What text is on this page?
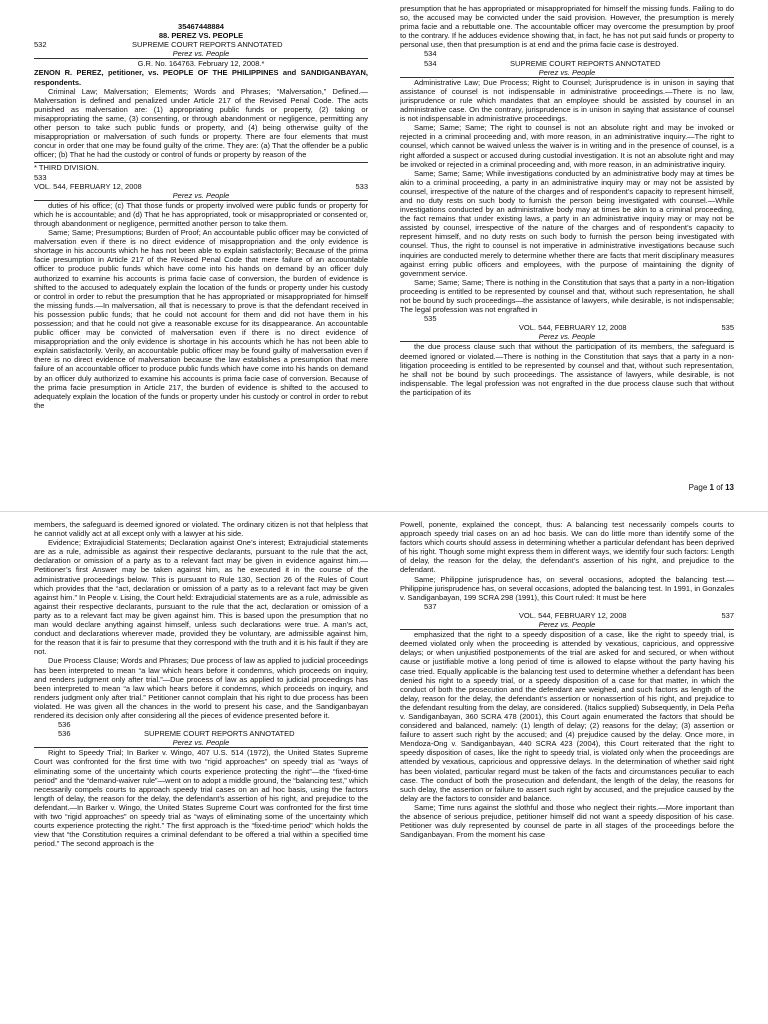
35467448884

88. PEREZ VS. PEOPLE

532	SUPREME COURT REPORTS ANNOTATED

Perez vs. People

G.R. No. 164763. February 12, 2008.*

ZENON R. PEREZ, petitioner, vs. PEOPLE OF THE PHILIPPINES and SANDIGANBAYAN, respondents.

Criminal Law; Malversation; Elements; Words and Phrases; “Malversation,” Defined.—Malversation is defined and penalized under Article 217 of the Revised Penal Code. The acts punished as malversation are: (1) appropriating public funds or property, (2) taking or misappropriating the same, (3) consenting, or through abandonment or negligence, permitting any other person to take such public funds or property, and (4) being otherwise guilty of the misappropriation or malversation of such funds or property. There are four elements that must concur in order that one may be found guilty of the crime. They are: (a) That the offender be a public officer; (b) That he had the custody or control of funds or property by reason of the

* THIRD DIVISION.

533

VOL. 544, FEBRUARY 12, 2008	533

Perez vs. People

duties of his office; (c) That those funds or property involved were public funds or property for which he is accountable; and (d) That he has appropriated, took or misappropriated or consented or, through abandonment or negligence, permitted another person to take them.

Same; Same; Presumptions; Burden of Proof; An accountable public officer may be convicted of malversation even if there is no direct evidence of misappropriation and the only evidence is shortage in his accounts which he has not been able to explain satisfactorily; Because of the prima facie presumption in Article 217 of the Revised Penal Code that mere failure of an accountable officer to produce public funds which have come into his hands on demand by an officer duly authorized to examine his accounts is prima facie case of conversion, the burden of evidence is shifted to the accused to adequately explain the location of the funds or property under his custody or control in order to rebut the presumption that he has appropriated or misappropriated for himself the missing funds.—In malversation, all that is necessary to prove is that the defendant received in his possession public funds; that he could not account for them and did not have them in his possession; and that he could not give a reasonable excuse for its disappearance. An accountable public officer may be convicted of malversation even if there is no direct evidence of misappropriation and the only evidence is shortage in his accounts which he has not been able to explain satisfactorily. Verily, an accountable public officer may be found guilty of malversation even if there is no direct evidence of malversation because the law establishes a presumption that mere failure of an accountable officer to produce public funds which have come into his hands on demand by an officer duly authorized to examine his accounts is prima facie case of conversion. Because of the prima facie presumption in Article 217, the burden of evidence is shifted to the accused to adequately explain the location of the funds or property under his custody or control in order to rebut the

presumption that he has appropriated or misappropriated for himself the missing funds. Failing to do so, the accused may be convicted under the said provision. However, the presumption is merely prima facie and a rebuttable one. The accountable officer may overcome the presumption by proof to the contrary. If he adduces evidence showing that, in fact, he has not put said funds or property to personal use, then that presumption is at end and the prima facie case is destroyed.

534

534	SUPREME COURT REPORTS ANNOTATED

Perez vs. People

Administrative Law; Due Process; Right to Counsel; Jurisprudence is in unison in saying that assistance of counsel is not indispensable in administrative proceedings.—There is no law, jurisprudence or rule which mandates that an employee should be assisted by counsel in an administrative case. On the contrary, jurisprudence is in unison in saying that assistance of counsel is not indispensable in administrative proceedings.

Same; Same; Same; The right to counsel is not an absolute right and may be invoked or rejected in a criminal proceeding and, with more reason, in an administrative inquiry.—The right to counsel, which cannot be waived unless the waiver is in writing and in the presence of counsel, is a right afforded a suspect or accused during custodial investigation. It is not an absolute right and may be invoked or rejected in a criminal proceeding and, with more reason, in an administrative inquiry.

Same; Same; Same; While investigations conducted by an administrative body may at times be akin to a criminal proceeding, a party in an administrative inquiry may or may not be assisted by counsel, irrespective of the nature of the charges and of respondent’s capacity to represent himself, and no duty rests on such body to furnish the person being investigated with counsel.—While investigations conducted by an administrative body may at times be akin to a criminal proceeding, the fact remains that under existing laws, a party in an administrative inquiry may or may not be assisted by counsel, irrespective of the nature of the charges and of respondent’s capacity to represent himself, and no duty rests on such body to furnish the person being investigated with counsel. Thus, the right to counsel is not imperative in administrative investigations because such inquiries are conducted merely to determine whether there are facts that merit disciplinary measures against erring public officers and employees, with the purpose of maintaining the dignity of government service.

Same; Same; Same; There is nothing in the Constitution that says that a party in a non-litigation proceeding is entitled to be represented by counsel and that, without such representation, he shall not be bound by such proceedings—the assistance of lawyers, while desirable, is not indispensable; The legal profession was not engrafted in

535

VOL. 544, FEBRUARY 12, 2008	535

Perez vs. People

the due process clause such that without the participation of its members, the safeguard is deemed ignored or violated.—There is nothing in the Constitution that says that a party in a non-litigation proceeding is entitled to be represented by counsel and that, without such representation, he shall not be bound by such proceedings. The assistance of lawyers, while desirable, is not indispensable. The legal profession was not engrafted in the due process clause such that without the participation of its

Page 1 of 13

members, the safeguard is deemed ignored or violated. The ordinary citizen is not that helpless that he cannot validly act at all except only with a lawyer at his side.

Evidence; Extrajudicial Statements; Declaration against One’s interest; Extrajudicial statements are as a rule, admissible as against their respective declarants, pursuant to the rule that the act, declaration or omission of a party as to a relevant fact may be given in evidence against him.—Petitioner’s first Answer may be taken against him, as he executed it in the course of the administrative proceedings below. This is pursuant to Rule 130, Section 26 of the Rules of Court which provides that the “act, declaration or omission of a party as to a relevant fact may be given against him.” In People v. Lising, the Court held: Extrajudicial statements are as a rule, admissible as against their respective declarants, pursuant to the rule that the act, declaration or omission of a party as to a relevant fact may be given against him. This is based upon the presumption that no man would declare anything against himself, unless such declarations were true. A man’s act, conduct and declarations wherever made, provided they be voluntary, are admissible against him, for the reason that it is fair to presume that they correspond with the truth and it is his fault if they are not.

Due Process Clause; Words and Phrases; Due process of law as applied to judicial proceedings has been interpreted to mean “a law which hears before it condemns, which proceeds on inquiry, and renders judgment only after trial.”—Due process of law as applied to judicial proceedings has been interpreted to mean “a law which hears before it condemns, which proceeds on inquiry, and renders judgment only after trial.” Petitioner cannot complain that his right to due process has been violated. He was given all the chances in the world to present his case, and the Sandiganbayan rendered its decision only after considering all the pieces of evidence presented before it.

536

536	SUPREME COURT REPORTS ANNOTATED

Perez vs. People

Right to Speedy Trial; In Barker v. Wingo, 407 U.S. 514 (1972), the United States Supreme Court was confronted for the first time with two “rigid approaches” on speedy trial as “ways of eliminating some of the uncertainty which courts experience protecting the right”—the “fixed-time period” and the “demand-waiver rule”—went on to adopt a middle ground, the “balancing test,” which necessarily compels courts to approach speedy trial cases on an ad hoc basis, using the factors length of delay, the reason for the delay, the defendant’s assertion of his right, and prejudice to the defendant.—In Barker v. Wingo, the United States Supreme Court was confronted for the first time with two “rigid approaches” on speedy trial as “ways of eliminating some of the uncertainty which courts experience protecting the right.” The first approach is the “fixed-time period” which holds the view that “the Constitution requires a criminal defendant to be offered a trial within a specified time period.” The second approach is the

Powell, ponente, explained the concept, thus: A balancing test necessarily compels courts to approach speedy trial cases on an ad hoc basis. We can do little more than identify some of the factors which courts should assess in determining whether a particular defendant has been deprived of his right. Though some might express them in different ways, we identify four such factors: Length of delay, the reason for the delay, the defendant’s assertion of his right, and prejudice to the defendant.

Same; Philippine jurisprudence has, on several occasions, adopted the balancing test.—Philippine jurisprudence has, on several occasions, adopted the balancing test. In 1991, in Gonzales v. Sandiganbayan, 199 SCRA 298 (1991), this Court ruled: It must be here

537

VOL. 544, FEBRUARY 12, 2008	537

Perez vs. People

emphasized that the right to a speedy disposition of a case, like the right to speedy trial, is deemed violated only when the proceeding is attended by vexatious, capricious, and oppressive delays; or when unjustified postponements of the trial are asked for and secured, or when without cause or justifiable motive a long period of time is allowed to elapse without the party having his case tried. Equally applicable is the balancing test used to determine whether a defendant has been denied his right to a speedy trial, or a speedy disposition of a case for that matter, in which the conduct of both the prosecution and the defendant are weighed, and such factors as length of the delay, reason for the delay, the defendant’s assertion or nonassertion of his right, and prejudice to the defendant resulting from the delay, are considered. (Italics supplied) Subsequently, in Dela Peña v. Sandiganbayan, 360 SCRA 478 (2001), this Court again enumerated the factors that should be considered and balanced, namely: (1) length of delay; (2) reasons for the delay; (3) assertion or failure to assert such right by the accused; and (4) prejudice caused by the delay. Once more, in Mendoza-Ong v. Sandiganbayan, 440 SCRA 423 (2004), this Court reiterated that the right to speedy disposition of cases, like the right to speedy trial, is violated only when the proceedings are attended by vexatious, capricious and oppressive delays. In the determination of whether said right has been violated, particular regard must be taken of the facts and circumstances peculiar to each case. The conduct of both the prosecution and defendant, the length of the delay, the reasons for such delay, the assertion or failure to assert such right by accused, and the prejudice caused by the delay are the factors to consider and balance.

Same; Time runs against the slothful and those who neglect their rights.—More important than the absence of serious prejudice, petitioner himself did not want a speedy disposition of his case. Petitioner was duly represented by counsel de parte in all stages of the proceedings before the Sandiganbayan. From the moment his case
